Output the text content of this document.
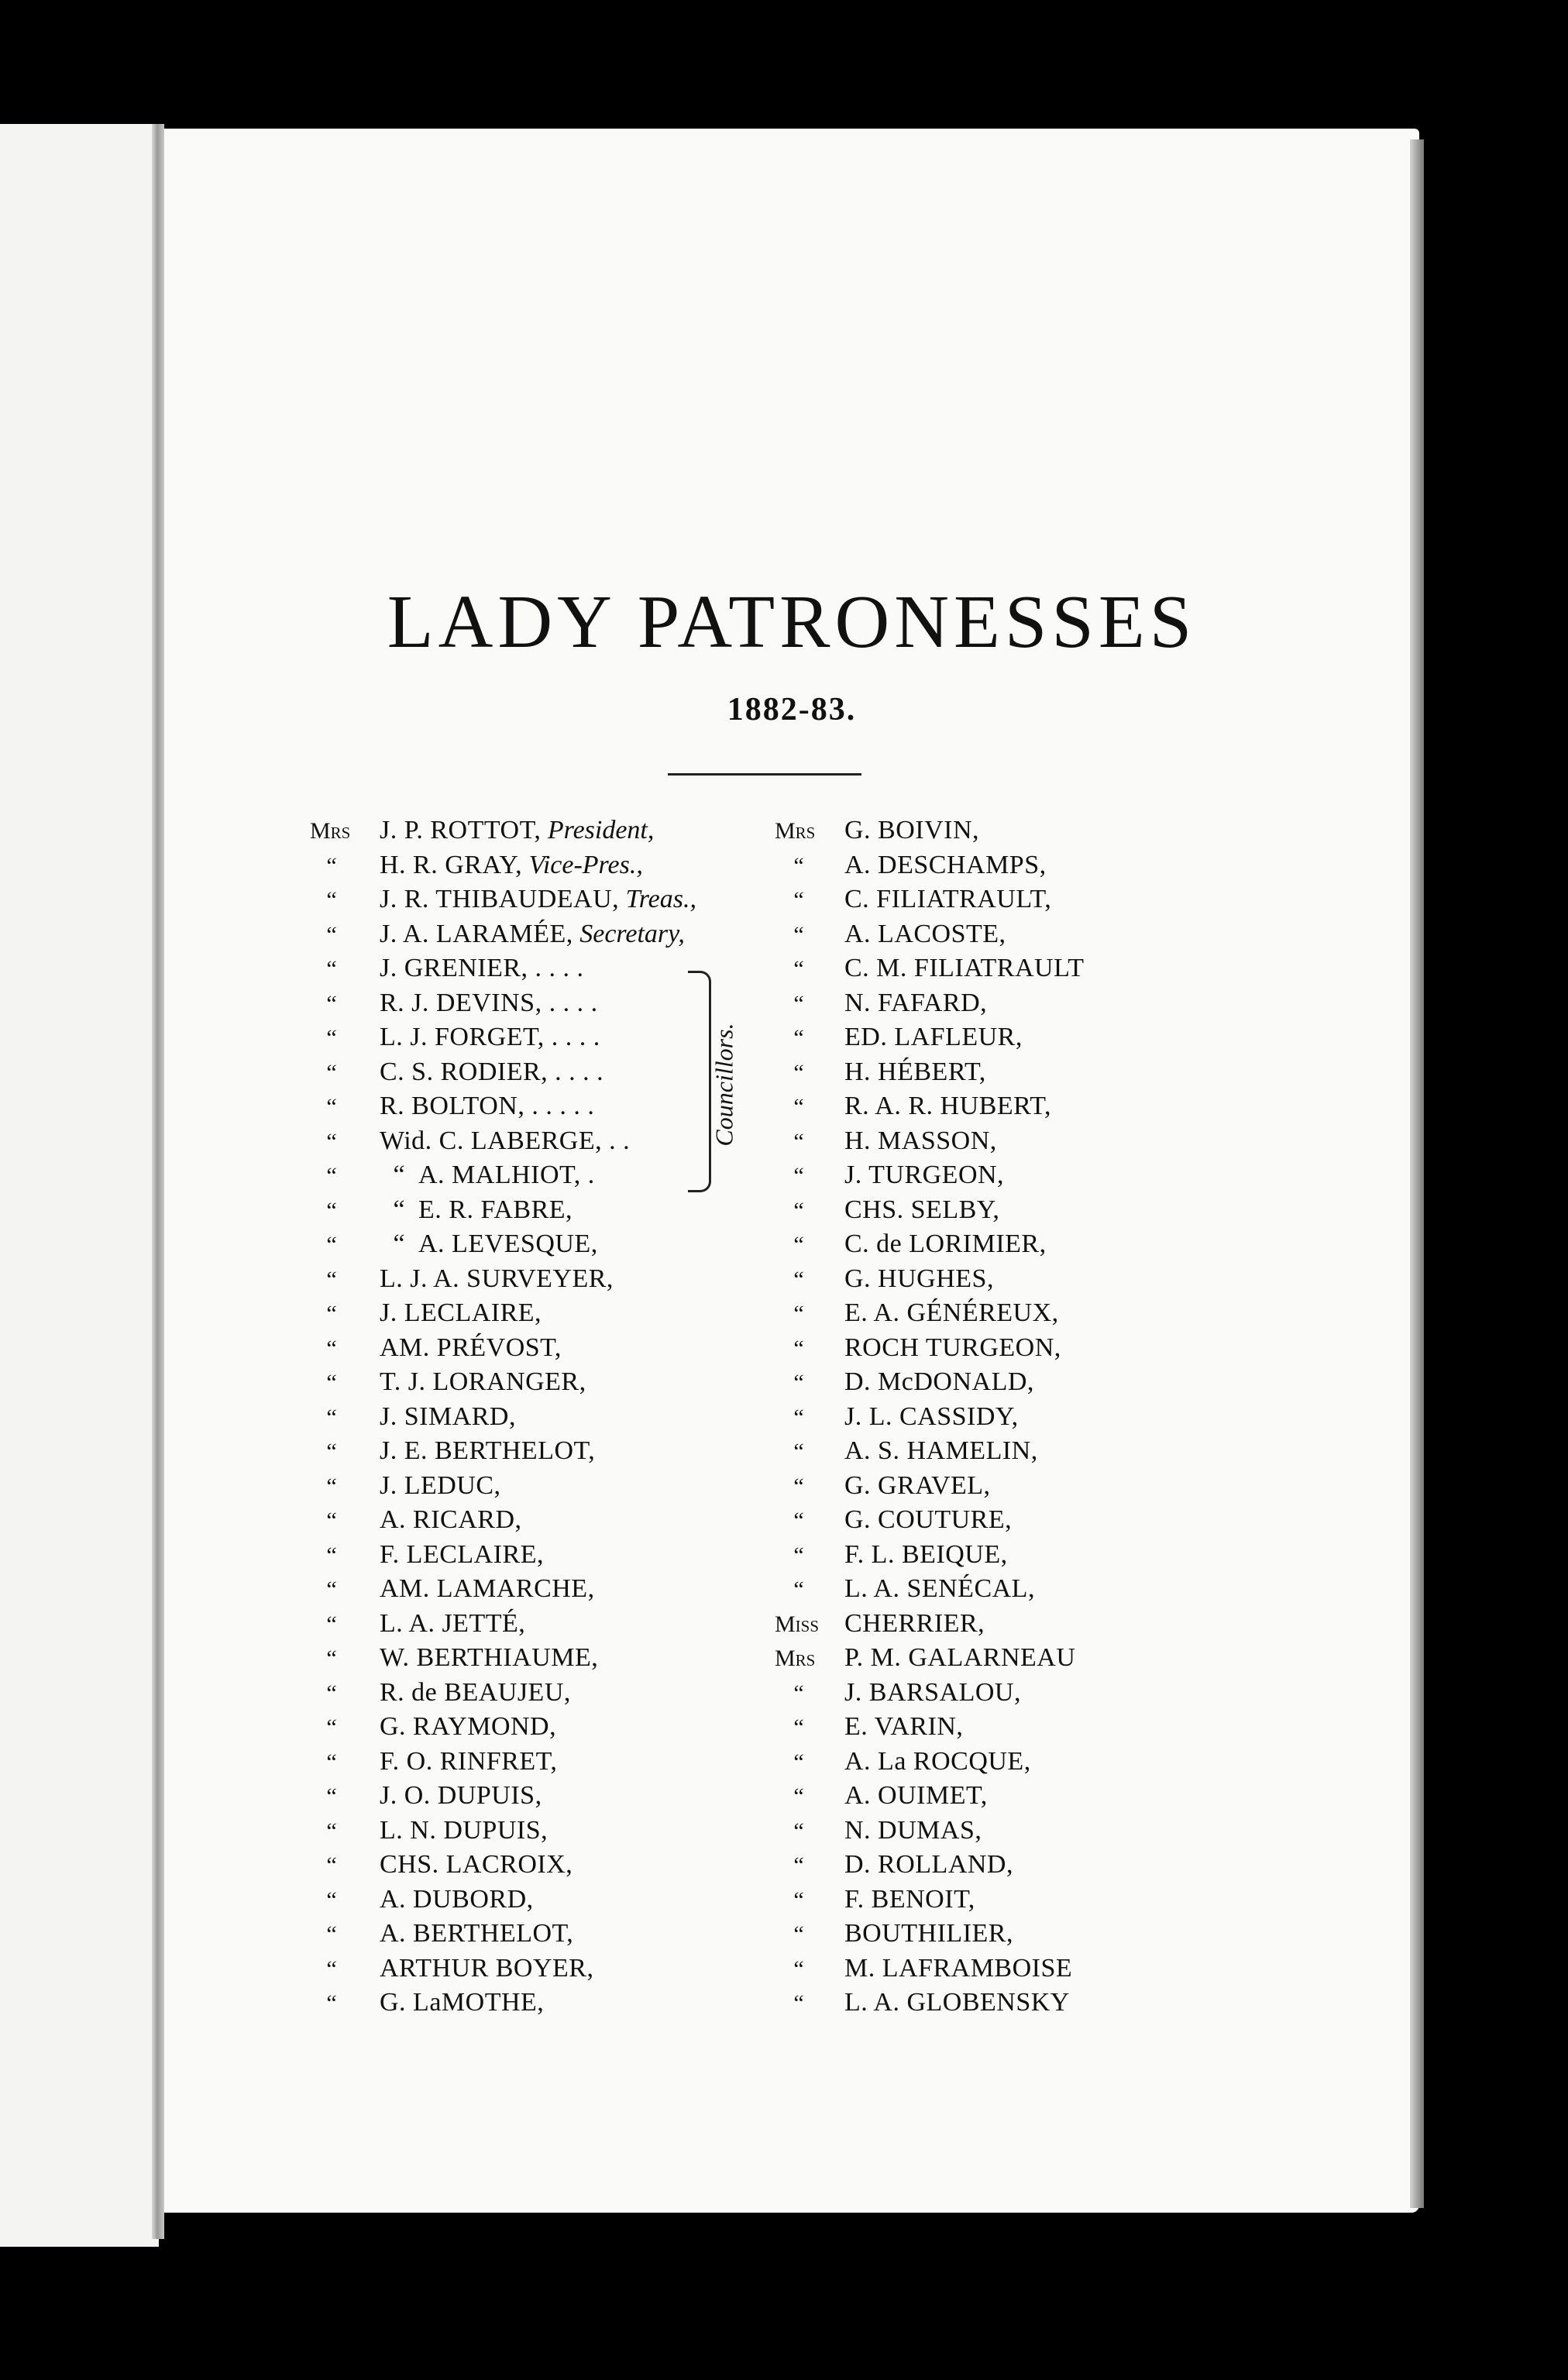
LADY PATRONESSES
1882-83.
Mrs J. P. ROTTOT, President,
“ H. R. GRAY, Vice-Pres.,
“ J. R. THIBAUDEAU, Treas.,
“ J. A. LARAMÉE, Secretary,
“ J. GRENIER, . . . .
“ R. J. DEVINS, . . . .
“ L. J. FORGET, . . . .
“ C. S. RODIER, . . . .
“ R. BOLTON, . . . . .
“ Wid. C. LABERGE, . .
“ “ A. MALHIOT, .
“ “ E. R. FABRE,
“ “ A. LEVESQUE,
“ L. J. A. SURVEYER,
“ J. LECLAIRE,
“ AM. PRÉVOST,
“ T. J. LORANGER,
“ J. SIMARD,
“ J. E. BERTHELOT,
“ J. LEDUC,
“ A. RICARD,
“ F. LECLAIRE,
“ AM. LAMARCHE,
“ L. A. JETTÉ,
“ W. BERTHIAUME,
“ R. de BEAUJEU,
“ G. RAYMOND,
“ F. O. RINFRET,
“ J. O. DUPUIS,
“ L. N. DUPUIS,
“ CHS. LACROIX,
“ A. DUBORD,
“ A. BERTHELOT,
“ ARTHUR BOYER,
“ G. LaMOTHE,
Mrs G. BOIVIN,
“ A. DESCHAMPS,
“ C. FILIATRAULT,
“ A. LACOSTE,
“ C. M. FILIATRAULT
“ N. FAFARD,
“ ED. LAFLEUR,
“ H. HÉBERT,
“ R. A. R. HUBERT,
“ H. MASSON,
“ J. TURGEON,
“ CHS. SELBY,
“ C. de LORIMIER,
“ G. HUGHES,
“ E. A. GÉNÉREUX,
“ ROCH TURGEON,
“ D. McDONALD,
“ J. L. CASSIDY,
“ A. S. HAMELIN,
“ G. GRAVEL,
“ G. COUTURE,
“ F. L. BEIQUE,
“ L. A. SENÉCAL,
Miss CHERRIER,
Mrs P. M. GALARNEAU
“ J. BARSALOU,
“ E. VARIN,
“ A. La ROCQUE,
“ A. OUIMET,
“ N. DUMAS,
“ D. ROLLAND,
“ F. BENOIT,
“ BOUTHILIER,
“ M. LAFRAMBOISE
“ L. A. GLOBENSKY
Councillors.
